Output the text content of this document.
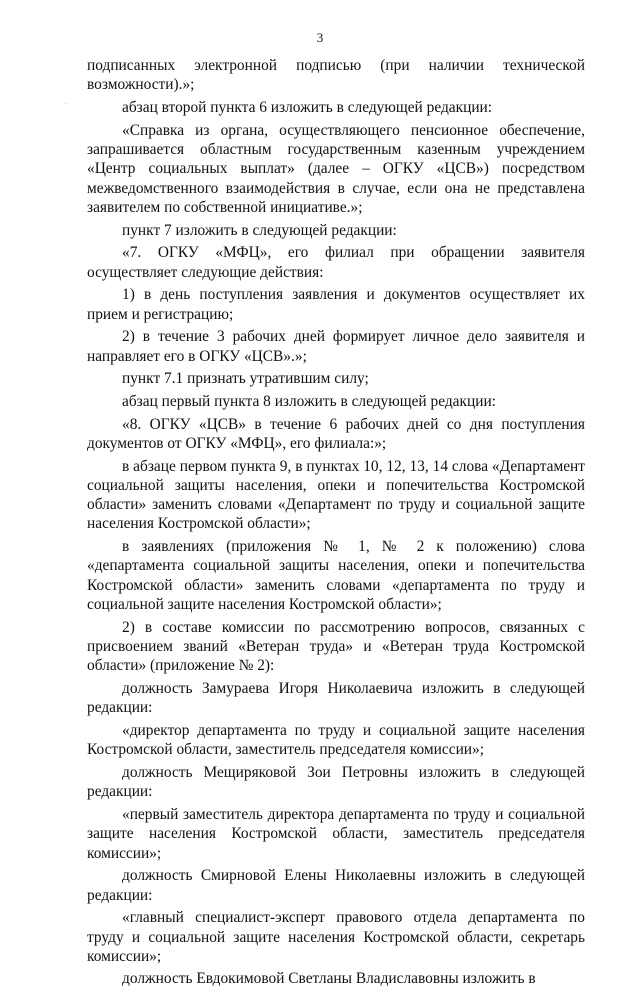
3

подписанных электронной подписью (при наличии технической возможности).»;

абзац второй пункта 6 изложить в следующей редакции:

«Справка из органа, осуществляющего пенсионное обеспечение, запрашивается областным государственным казенным учреждением «Центр социальных выплат» (далее – ОГКУ «ЦСВ») посредством межведомственного взаимодействия в случае, если она не представлена заявителем по собственной инициативе.»;

пункт 7 изложить в следующей редакции:

«7. ОГКУ «МФЦ», его филиал при обращении заявителя осуществляет следующие действия:

1) в день поступления заявления и документов осуществляет их прием и регистрацию;

2) в течение 3 рабочих дней формирует личное дело заявителя и направляет его в ОГКУ «ЦСВ».»;

пункт 7.1 признать утратившим силу;

абзац первый пункта 8 изложить в следующей редакции:

«8. ОГКУ «ЦСВ» в течение 6 рабочих дней со дня поступления документов от ОГКУ «МФЦ», его филиала:»;

в абзаце первом пункта 9, в пунктах 10, 12, 13, 14 слова «Департамент социальной защиты населения, опеки и попечительства Костромской области» заменить словами «Департамент по труду и социальной защите населения Костромской области»;

в заявлениях (приложения № 1, № 2 к положению) слова «департамента социальной защиты населения, опеки и попечительства Костромской области» заменить словами «департамента по труду и социальной защите населения Костромской области»;

2) в составе комиссии по рассмотрению вопросов, связанных с присвоением званий «Ветеран труда» и «Ветеран труда Костромской области» (приложение № 2):

должность Замураева Игоря Николаевича изложить в следующей редакции:

«директор департамента по труду и социальной защите населения Костромской области, заместитель председателя комиссии»;

должность Мещиряковой Зои Петровны изложить в следующей редакции:

«первый заместитель директора департамента по труду и социальной защите населения Костромской области, заместитель председателя комиссии»;

должность Смирновой Елены Николаевны изложить в следующей редакции:

«главный специалист-эксперт правового отдела департамента по труду и социальной защите населения Костромской области, секретарь комиссии»;

должность Евдокимовой Светланы Владиславовны изложить в
